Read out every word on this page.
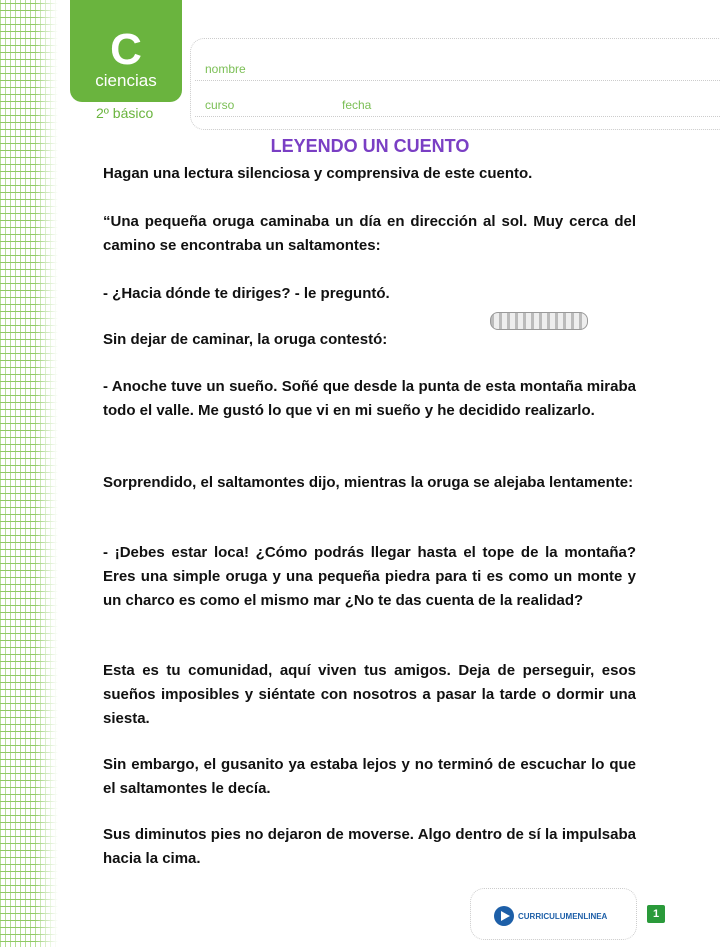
C
ciencias
2º básico
nombre
curso	fecha
LEYENDO UN CUENTO
Hagan una lectura silenciosa y comprensiva de este cuento.
“Una pequeña oruga caminaba un día en dirección al sol. Muy cerca del camino se encontraba un saltamontes:
- ¿Hacia dónde te diriges? - le preguntó.
Sin dejar de caminar, la oruga contestó:
- Anoche tuve un sueño. Soñé que desde la punta de esta montaña miraba todo el valle. Me gustó lo que vi en mi sueño y he decidido realizarlo.
Sorprendido, el saltamontes dijo, mientras la oruga se alejaba lentamente:
- ¡Debes estar loca! ¿Cómo podrás llegar hasta el tope de la montaña? Eres una simple oruga y una pequeña piedra para ti es como un monte y un charco es como el mismo mar ¿No te das cuenta de la realidad?
Esta es tu comunidad, aquí viven tus amigos. Deja de perseguir, esos sueños imposibles y siéntate con nosotros a pasar la tarde o dormir una siesta.
Sin embargo, el gusanito ya estaba lejos y no terminó de escuchar lo que el saltamontes le decía.
Sus diminutos pies no dejaron de moverse. Algo dentro de sí la impulsaba hacia la cima.
CURRICULUMENLINEA	1
